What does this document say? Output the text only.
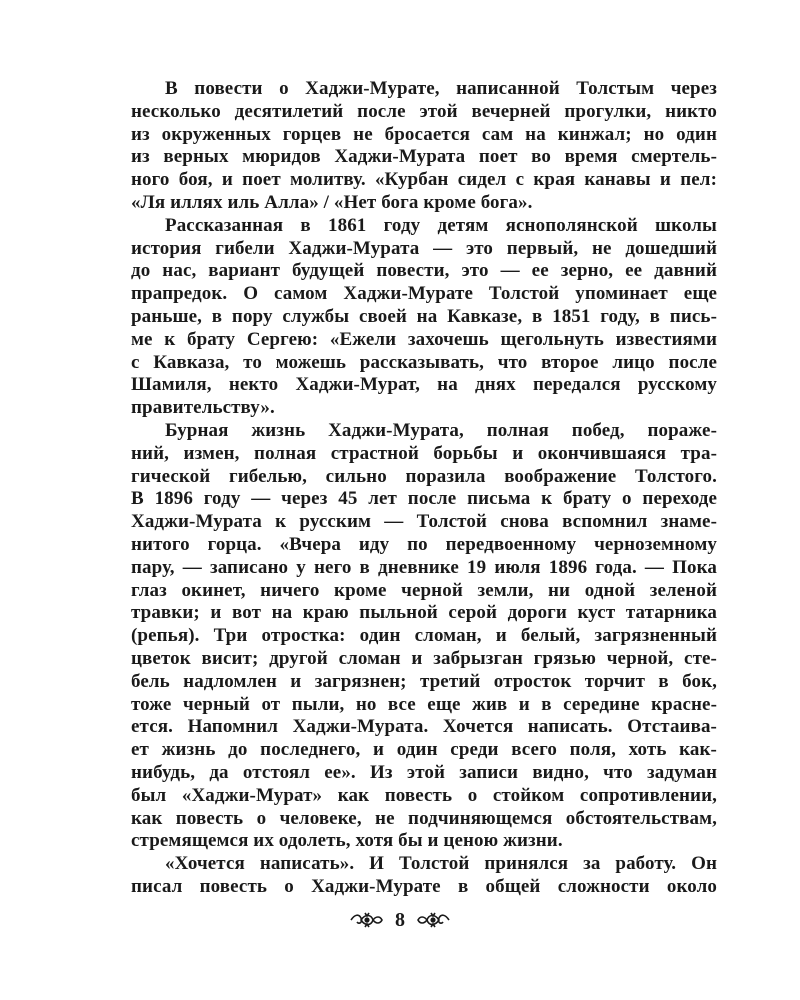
В повести о Хаджи-Мурате, написанной Толстым через
несколько десятилетий после этой вечерней прогулки, никто
из окруженных горцев не бросается сам на кинжал; но один
из верных мюридов Хаджи-Мурата поет во время смертель-
ного боя, и поет молитву. «Курбан сидел с края канавы и пел:
«Ля иллях иль Алла» / «Нет бога кроме бога».
Рассказанная в 1861 году детям яснополянской школы
история гибели Хаджи-Мурата — это первый, не дошедший
до нас, вариант будущей повести, это — ее зерно, ее давний
прапредок. О самом Хаджи-Мурате Толстой упоминает еще
раньше, в пору службы своей на Кавказе, в 1851 году, в пись-
ме к брату Сергею: «Ежели захочешь щегольнуть известиями
с Кавказа, то можешь рассказывать, что второе лицо после
Шамиля, некто Хаджи-Мурат, на днях передался русскому
правительству».
Бурная жизнь Хаджи-Мурата, полная побед, пораже-
ний, измен, полная страстной борьбы и окончившаяся тра-
гической гибелью, сильно поразила воображение Толстого.
В 1896 году — через 45 лет после письма к брату о переходе
Хаджи-Мурата к русским — Толстой снова вспомнил знаме-
нитого горца. «Вчера иду по передвоенному черноземному
пару, — записано у него в дневнике 19 июля 1896 года. — Пока
глаз окинет, ничего кроме черной земли, ни одной зеленой
травки; и вот на краю пыльной серой дороги куст татарника
(репья). Три отростка: один сломан, и белый, загрязненный
цветок висит; другой сломан и забрызган грязью черной, сте-
бель надломлен и загрязнен; третий отросток торчит в бок,
тоже черный от пыли, но все еще жив и в середине красне-
ется. Напомнил Хаджи-Мурата. Хочется написать. Отстаива-
ет жизнь до последнего, и один среди всего поля, хоть как-
нибудь, да отстоял ее». Из этой записи видно, что задуман
был «Хаджи-Мурат» как повесть о стойком сопротивлении,
как повесть о человеке, не подчиняющемся обстоятельствам,
стремящемся их одолеть, хотя бы и ценою жизни.
«Хочется написать». И Толстой принялся за работу. Он
писал повесть о Хаджи-Мурате в общей сложности около
8
